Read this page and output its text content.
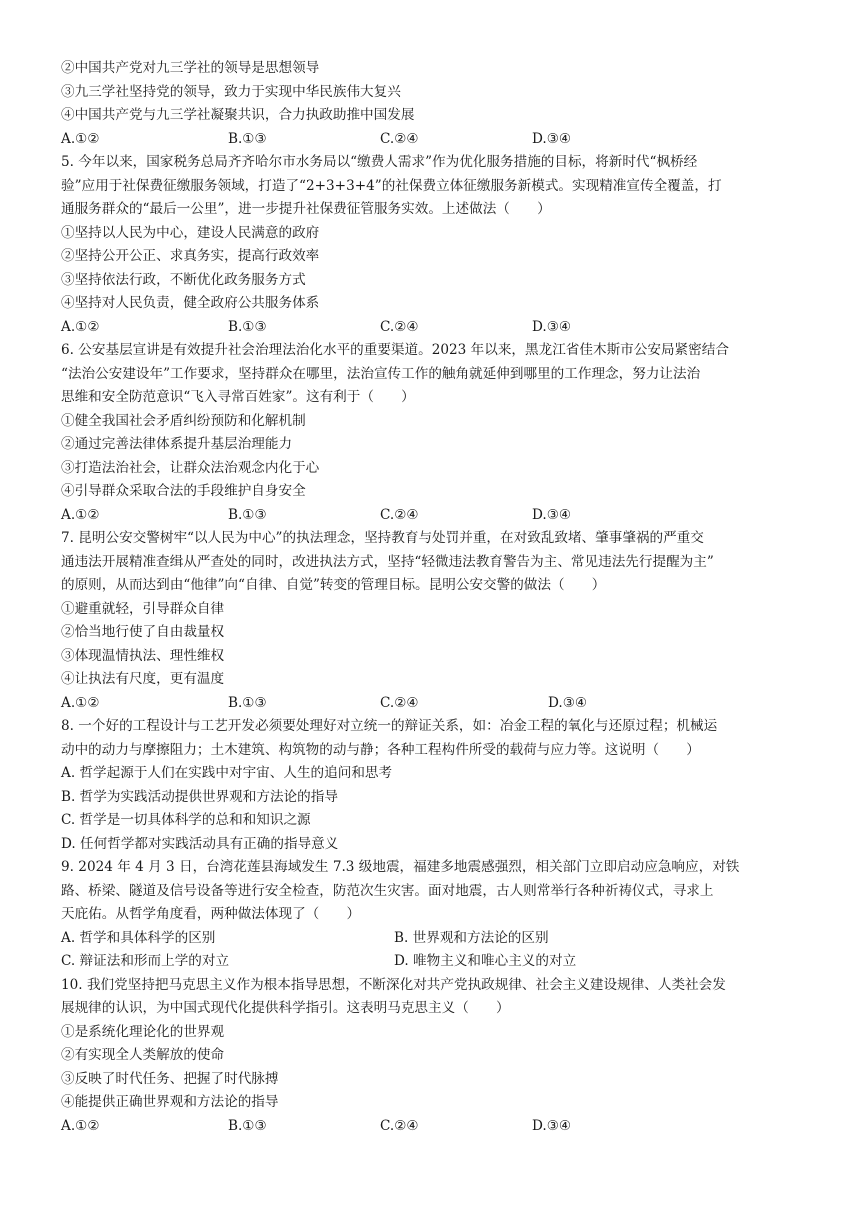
②中国共产党对九三学社的领导是思想领导
③九三学社坚持党的领导，致力于实现中华民族伟大复兴
④中国共产党与九三学社凝聚共识，合力执政助推中国发展
A.①②	B.①③	C.②④	D.③④
5. 今年以来，国家税务总局齐齐哈尔市水务局以“缴费人需求”作为优化服务措施的目标，将新时代“枫桥经
验”应用于社保费征缴服务领域，打造了“2+3+3+4”的社保费立体征缴服务新模式。实现精准宣传全覆盖，打
通服务群众的“最后一公里”，进一步提升社保费征管服务实效。上述做法（　　）
①坚持以人民为中心，建设人民满意的政府
②坚持公开公正、求真务实，提高行政效率
③坚持依法行政，不断优化政务服务方式
④坚持对人民负责，健全政府公共服务体系
A.①②	B.①③	C.②④	D.③④
6. 公安基层宣讲是有效提升社会治理法治化水平的重要渠道。2023 年以来，黑龙江省佳木斯市公安局紧密结合
“法治公安建设年”工作要求，坚持群众在哪里，法治宣传工作的触角就延伸到哪里的工作理念，努力让法治
思维和安全防范意识“飞入寻常百姓家”。这有利于（　　）
①健全我国社会矛盾纠纷预防和化解机制
②通过完善法律体系提升基层治理能力
③打造法治社会，让群众法治观念内化于心
④引导群众采取合法的手段维护自身安全
A.①②	B.①③	C.②④	D.③④
7. 昆明公安交警树牢“以人民为中心”的执法理念，坚持教育与处罚并重，在对致乱致堵、肇事肇祸的严重交
通违法开展精准查缉从严查处的同时，改进执法方式，坚持“轻微违法教育警告为主、常见违法先行提醒为主”
的原则，从而达到由“他律”向“自律、自觉”转变的管理目标。昆明公安交警的做法（　　）
①避重就轻，引导群众自律
②恰当地行使了自由裁量权
③体现温情执法、理性维权
④让执法有尺度，更有温度
A.①②	B.①③	C.②④	D.③④
8. 一个好的工程设计与工艺开发必须要处理好对立统一的辩证关系，如：冶金工程的氧化与还原过程；机械运
动中的动力与摩擦阻力；土木建筑、构筑物的动与静；各种工程构件所受的载荷与应力等。这说明（　　）
A. 哲学起源于人们在实践中对宇宙、人生的追问和思考
B. 哲学为实践活动提供世界观和方法论的指导
C. 哲学是一切具体科学的总和和知识之源
D. 任何哲学都对实践活动具有正确的指导意义
9. 2024 年 4 月 3 日，台湾花莲县海域发生 7.3 级地震，福建多地震感强烈，相关部门立即启动应急响应，对铁
路、桥梁、隧道及信号设备等进行安全检查，防范次生灾害。面对地震，古人则常举行各种祈祷仪式，寻求上
天庇佑。从哲学角度看，两种做法体现了（　　）
A. 哲学和具体科学的区别	B. 世界观和方法论的区别
C. 辩证法和形而上学的对立	D. 唯物主义和唯心主义的对立
10. 我们党坚持把马克思主义作为根本指导思想，不断深化对共产党执政规律、社会主义建设规律、人类社会发
展规律的认识，为中国式现代化提供科学指引。这表明马克思主义（　　）
①是系统化理论化的世界观
②有实现全人类解放的使命
③反映了时代任务、把握了时代脉搏
④能提供正确世界观和方法论的指导
A.①②	B.①③	C.②④	D.③④
